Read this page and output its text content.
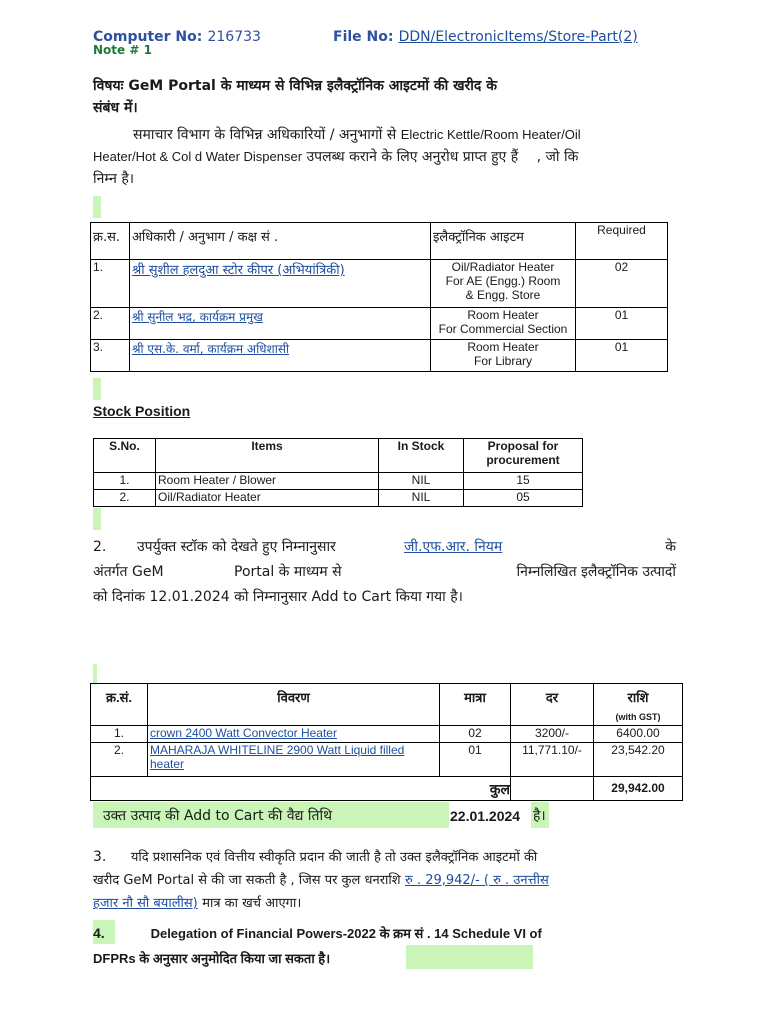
Computer No: 216733	File No: DDN/ElectronicItems/Store-Part(2)
Note # 1
विषयः GeM Portal के माध्यम से विभिन्न इलैक्ट्रॉनिक आइटमों की खरीद के
संबंध में।
समाचार विभाग के विभिन्न अधिकारियों / अनुभागों से Electric Kettle/Room Heater/Oil
Heater/Hot & Col d Water Dispenser उपलब्ध कराने के लिए अनुरोध प्राप्त हुए हैं , जो कि
निम्न है।
क्र.स.	अधिकारी / अनुभाग / कक्ष सं .	इलैक्ट्रॉनिक आइटम	Required
1.	श्री सुशील हलदुआ स्टोर कीपर (अभियांत्रिकी)	Oil/Radiator Heater
For AE (Engg.) Room
& Engg. Store	02
2.	श्री सुनील भद्र, कार्यक्रम प्रमुख	Room Heater
For Commercial Section	01
3.	श्री एस.के. वर्मा, कार्यक्रम अधिशासी	Room Heater
For Library	01
Stock Position
S.No.	Items	In Stock	Proposal for procurement
1.	Room Heater / Blower	NIL	15
2.	Oil/Radiator Heater	NIL	05
2. उपर्युक्त स्टॉक को देखते हुए निम्नानुसार	जी.एफ.आर. नियम	के
अंतर्गत GeM	Portal के माध्यम से	निम्नलिखित इलैक्ट्रॉनिक उत्पादों
को दिनांक 12.01.2024 को निम्नानुसार Add to Cart किया गया है।
क्र.सं.	विवरण	मात्रा	दर	राशि
(with GST)

1.	crown 2400 Watt Convector Heater	02	3200/-	6400.00
2.	MAHARAJA WHITELINE 2900 Watt Liquid filled heater	01	11,771.10/-	23,542.20
कुल				29,942.00
उक्त उत्पाद की Add to Cart की वैद्य तिथि	22.01.2024 है।
3. यदि प्रशासनिक एवं वित्तीय स्वीकृति प्रदान की जाती है तो उक्त इलैक्ट्रॉनिक आइटमों की
खरीद GeM Portal से की जा सकती है , जिस पर कुल धनराशि रु . 29,942/- ( रु . उनत्तीस
हजार नौ सौ बयालीस) मात्र का खर्च आएगा।
4.	Delegation of Financial Powers-2022 के क्रम सं . 14 Schedule VI of
DFPRs के अनुसार अनुमोदित किया जा सकता है।
